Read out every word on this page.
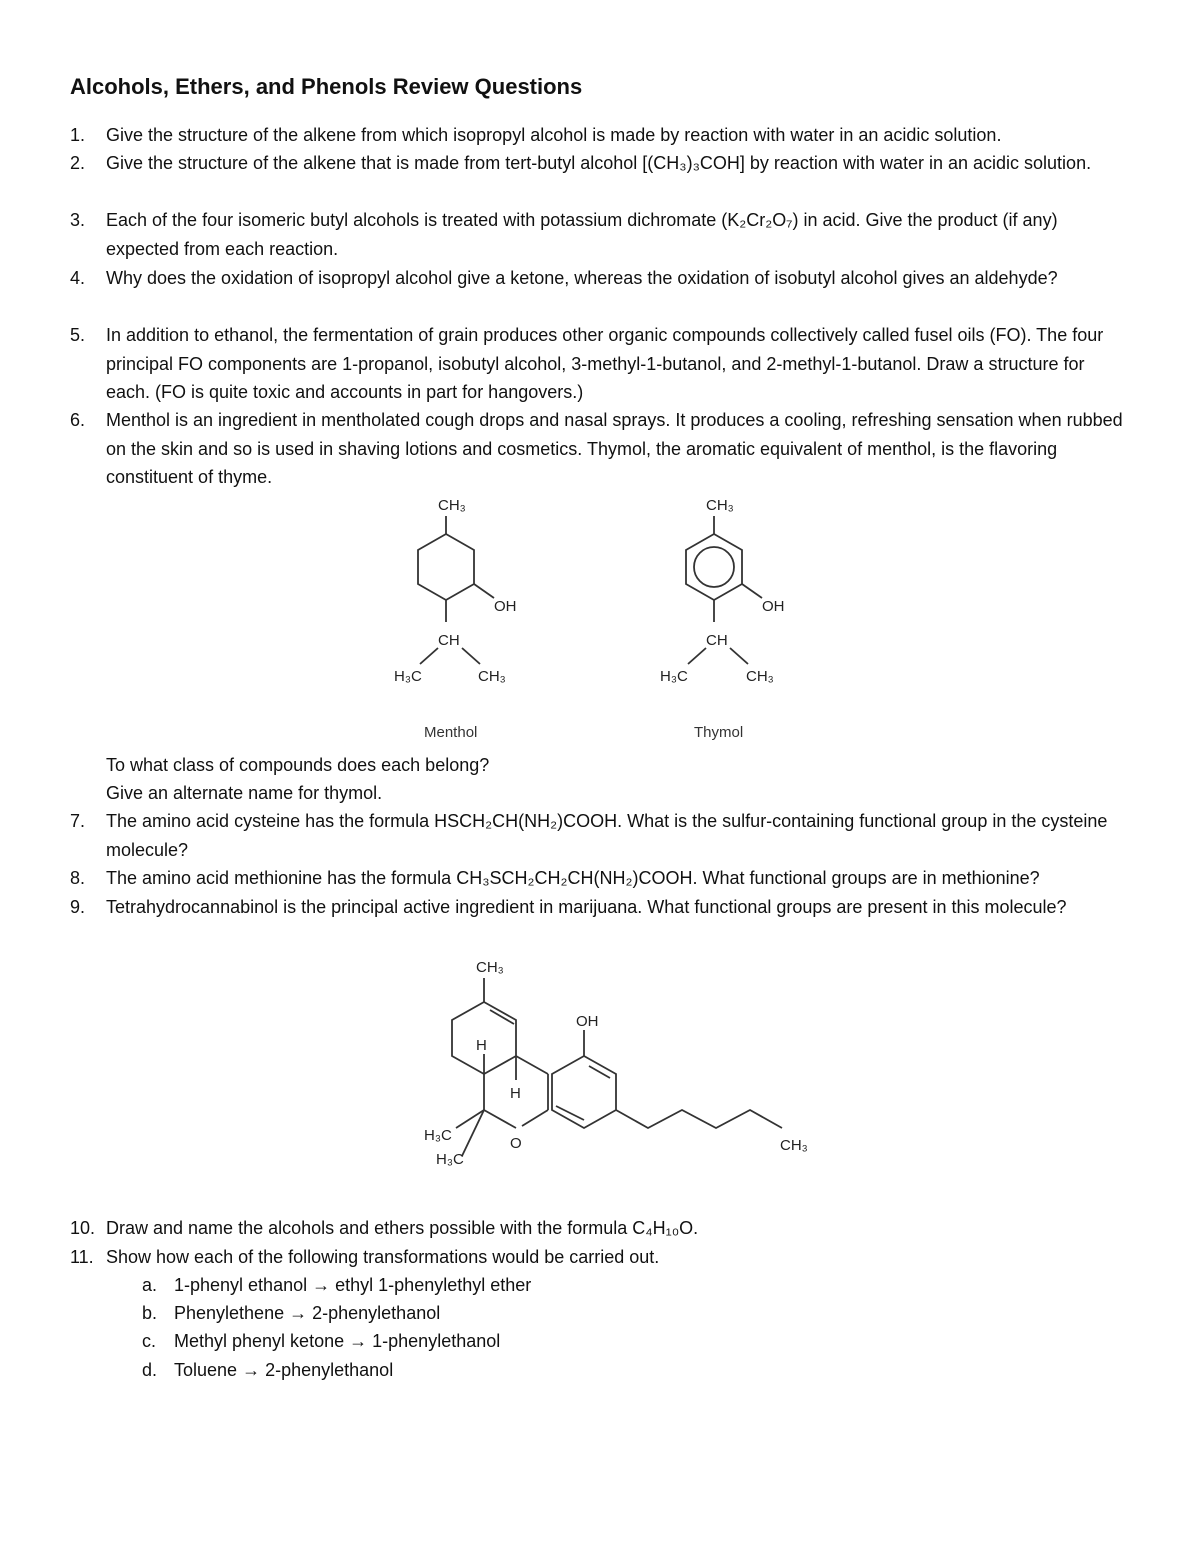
Alcohols, Ethers, and Phenols Review Questions

1.	Give the structure of the alkene from which isopropyl alcohol is made by reaction with water in an acidic solution.

2.	Give the structure of the alkene that is made from tert-butyl alcohol [(CH₃)₃COH] by reaction with water in an acidic solution.

3.	Each of the four isomeric butyl alcohols is treated with potassium dichromate (K₂Cr₂O₇) in acid. Give the product (if any) expected from each reaction.

4.	Why does the oxidation of isopropyl alcohol give a ketone, whereas the oxidation of isobutyl alcohol gives an aldehyde?

5.	In addition to ethanol, the fermentation of grain produces other organic compounds collectively called fusel oils (FO). The four principal FO components are 1-propanol, isobutyl alcohol, 3-methyl-1-butanol, and 2-methyl-1-butanol. Draw a structure for each. (FO is quite toxic and accounts in part for hangovers.)

6.	Menthol is an ingredient in mentholated cough drops and nasal sprays. It produces a cooling, refreshing sensation when rubbed on the skin and so is used in shaving lotions and cosmetics. Thymol, the aromatic equivalent of menthol, is the flavoring constituent of thyme.

CH₃
OH
CH
H₃C	CH₃
Menthol
CH₃
OH
CH
H₃C	CH₃
Thymol

To what class of compounds does each belong?

Give an alternate name for thymol.

7.	The amino acid cysteine has the formula HSCH₂CH(NH₂)COOH. What is the sulfur-containing functional group in the cysteine molecule?

8.	The amino acid methionine has the formula CH₃SCH₂CH₂CH(NH₂)COOH. What functional groups are in methionine?

9.	Tetrahydrocannabinol is the principal active ingredient in marijuana. What functional groups are present in this molecule?

CH₃
O
H
H
H₃C
H₃C
OH
CH₃

10. Draw and name the alcohols and ethers possible with the formula C₄H₁₀O.

11. Show how each of the following transformations would be carried out.

a. 1-phenyl ethanol → ethyl 1-phenylethyl ether
b. Phenylethene → 2-phenylethanol
c. Methyl phenyl ketone → 1-phenylethanol
d. Toluene → 2-phenylethanol
